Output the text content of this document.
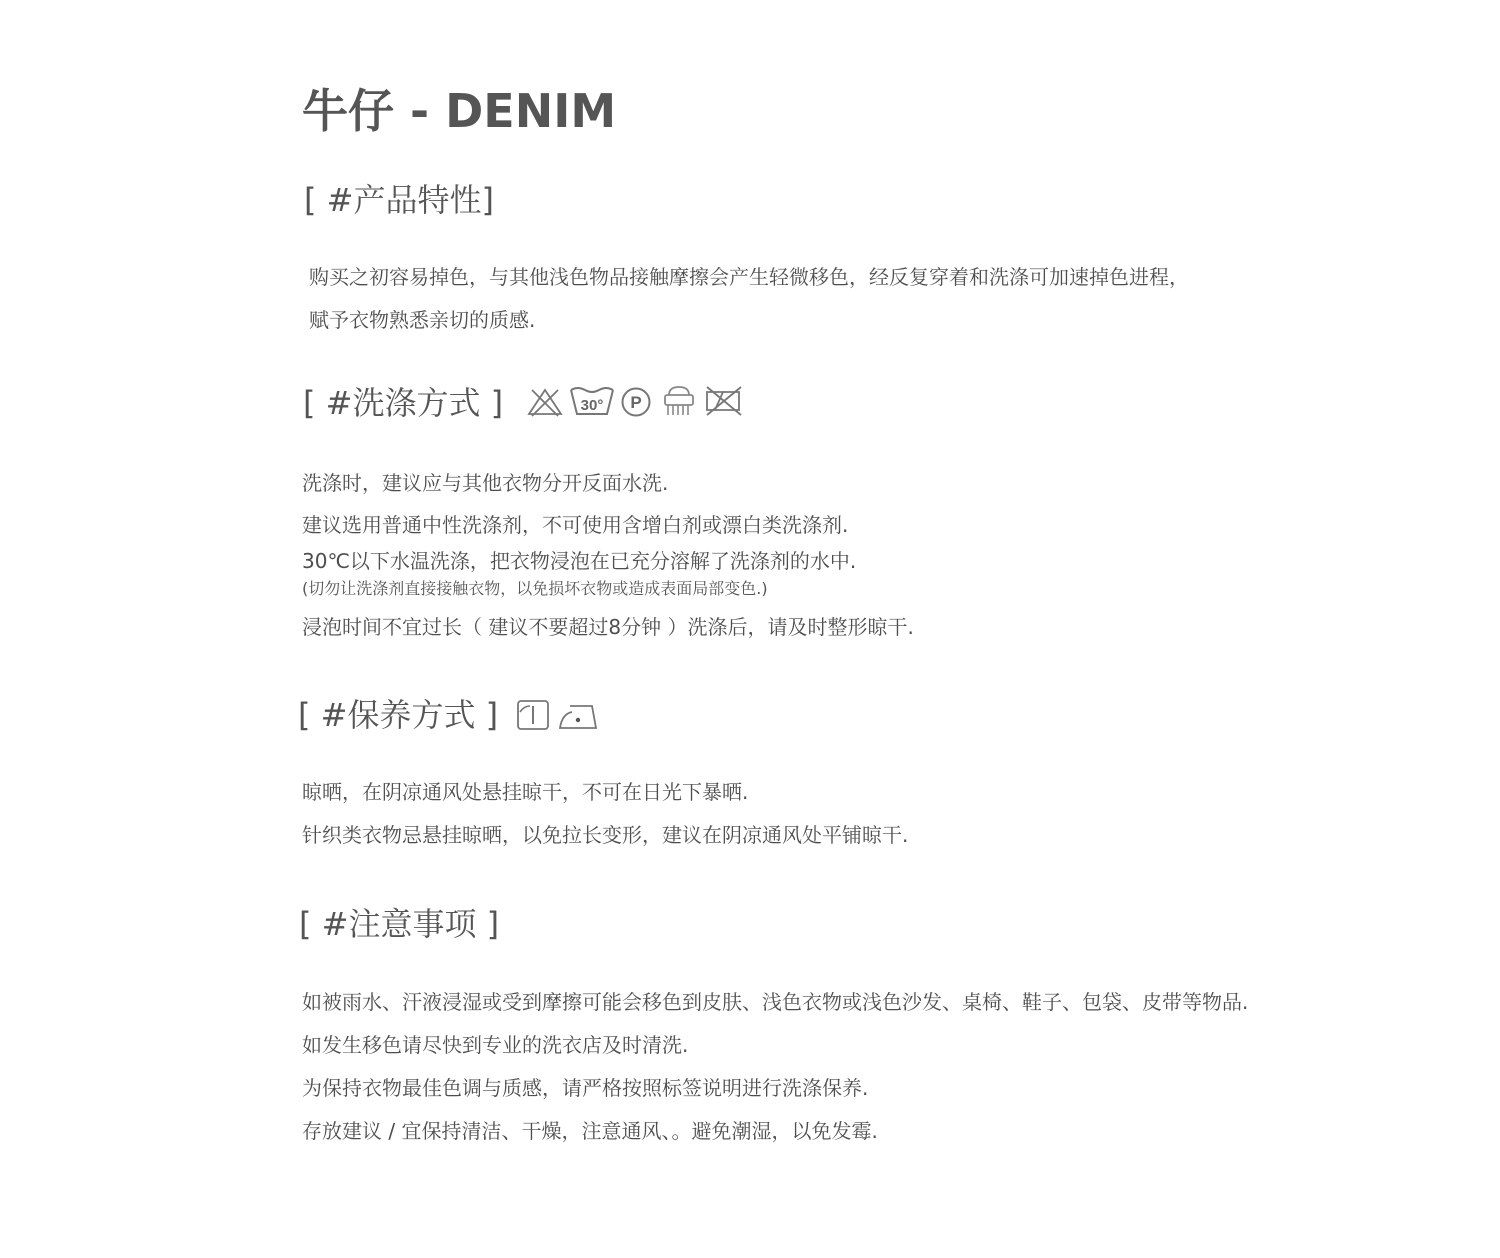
牛仔 - DENIM
[ #产品特性]
购买之初容易掉色，与其他浅色物品接触摩擦会产生轻微移色，经反复穿着和洗涤可加速掉色进程，
赋予衣物熟悉亲切的质感.
[ #洗涤方式 ]	30° P
洗涤时，建议应与其他衣物分开反面水洗.
建议选用普通中性洗涤剂，不可使用含增白剂或漂白类洗涤剂.
30℃以下水温洗涤，把衣物浸泡在已充分溶解了洗涤剂的水中.
(切勿让洗涤剂直接接触衣物，以免损坏衣物或造成表面局部变色.)
浸泡时间不宜过长（ 建议不要超过8分钟 ）洗涤后，请及时整形晾干.
[ #保养方式 ]
晾晒，在阴凉通风处悬挂晾干，不可在日光下暴晒.
针织类衣物忌悬挂晾晒，以免拉长变形，建议在阴凉通风处平铺晾干.
[ #注意事项 ]
如被雨水、汗液浸湿或受到摩擦可能会移色到皮肤、浅色衣物或浅色沙发、桌椅、鞋子、包袋、皮带等物品.
如发生移色请尽快到专业的洗衣店及时清洗.
为保持衣物最佳色调与质感，请严格按照标签说明进行洗涤保养.
存放建议 / 宜保持清洁、干燥，注意通风、。避免潮湿，以免发霉.
